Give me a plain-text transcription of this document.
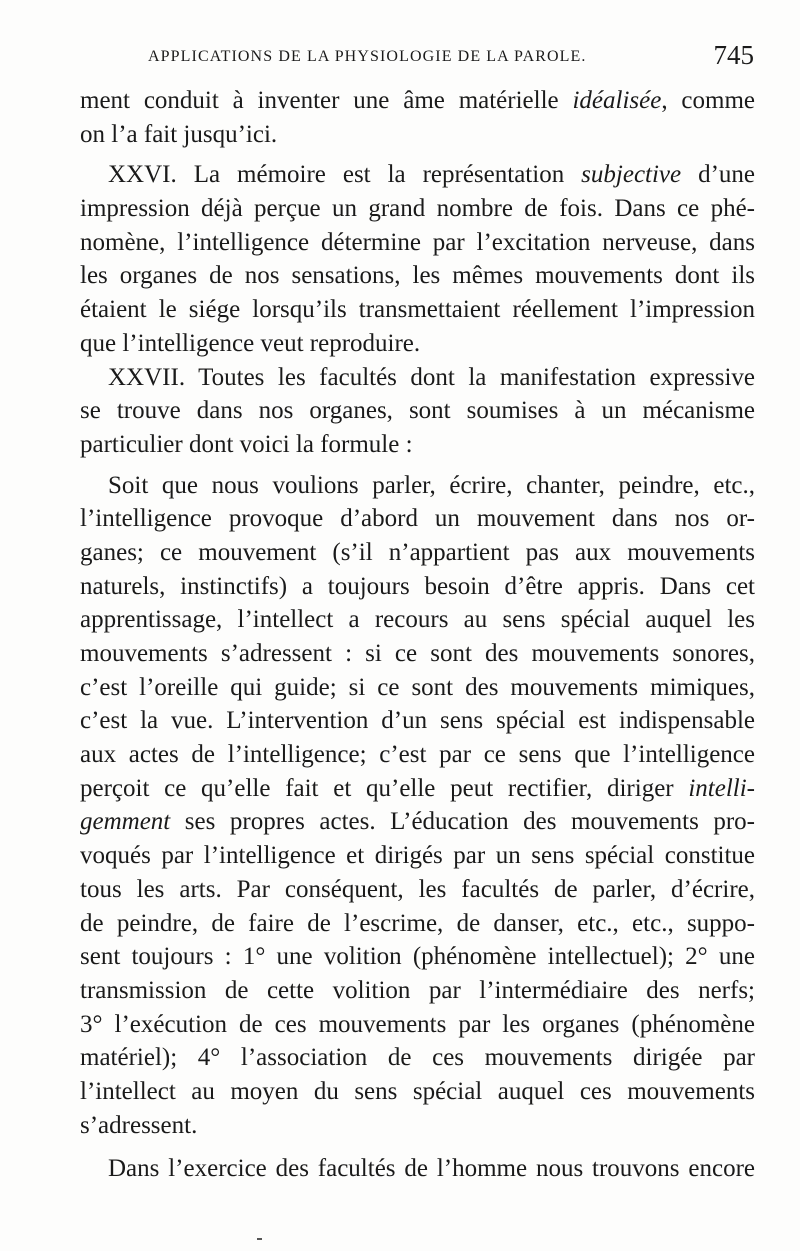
APPLICATIONS DE LA PHYSIOLOGIE DE LA PAROLE.	745
ment conduit à inventer une âme matérielle idéalisée, comme
on l’a fait jusqu’ici.
XXVI. La mémoire est la représentation subjective d’une
impression déjà perçue un grand nombre de fois. Dans ce phé-
nomène, l’intelligence détermine par l’excitation nerveuse, dans
les organes de nos sensations, les mêmes mouvements dont ils
étaient le siége lorsqu’ils transmettaient réellement l’impression
que l’intelligence veut reproduire.
XXVII. Toutes les facultés dont la manifestation expressive
se trouve dans nos organes, sont soumises à un mécanisme
particulier dont voici la formule :
Soit que nous voulions parler, écrire, chanter, peindre, etc.,
l’intelligence provoque d’abord un mouvement dans nos or-
ganes; ce mouvement (s’il n’appartient pas aux mouvements
naturels, instinctifs) a toujours besoin d’être appris. Dans cet
apprentissage, l’intellect a recours au sens spécial auquel les
mouvements s’adressent : si ce sont des mouvements sonores,
c’est l’oreille qui guide; si ce sont des mouvements mimiques,
c’est la vue. L’intervention d’un sens spécial est indispensable
aux actes de l’intelligence; c’est par ce sens que l’intelligence
perçoit ce qu’elle fait et qu’elle peut rectifier, diriger intelli-
gemment ses propres actes. L’éducation des mouvements pro-
voqués par l’intelligence et dirigés par un sens spécial constitue
tous les arts. Par conséquent, les facultés de parler, d’écrire,
de peindre, de faire de l’escrime, de danser, etc., etc., suppo-
sent toujours : 1° une volition (phénomène intellectuel); 2° une
transmission de cette volition par l’intermédiaire des nerfs;
3° l’exécution de ces mouvements par les organes (phénomène
matériel); 4° l’association de ces mouvements dirigée par
l’intellect au moyen du sens spécial auquel ces mouvements
s’adressent.
Dans l’exercice des facultés de l’homme nous trouvons encore
